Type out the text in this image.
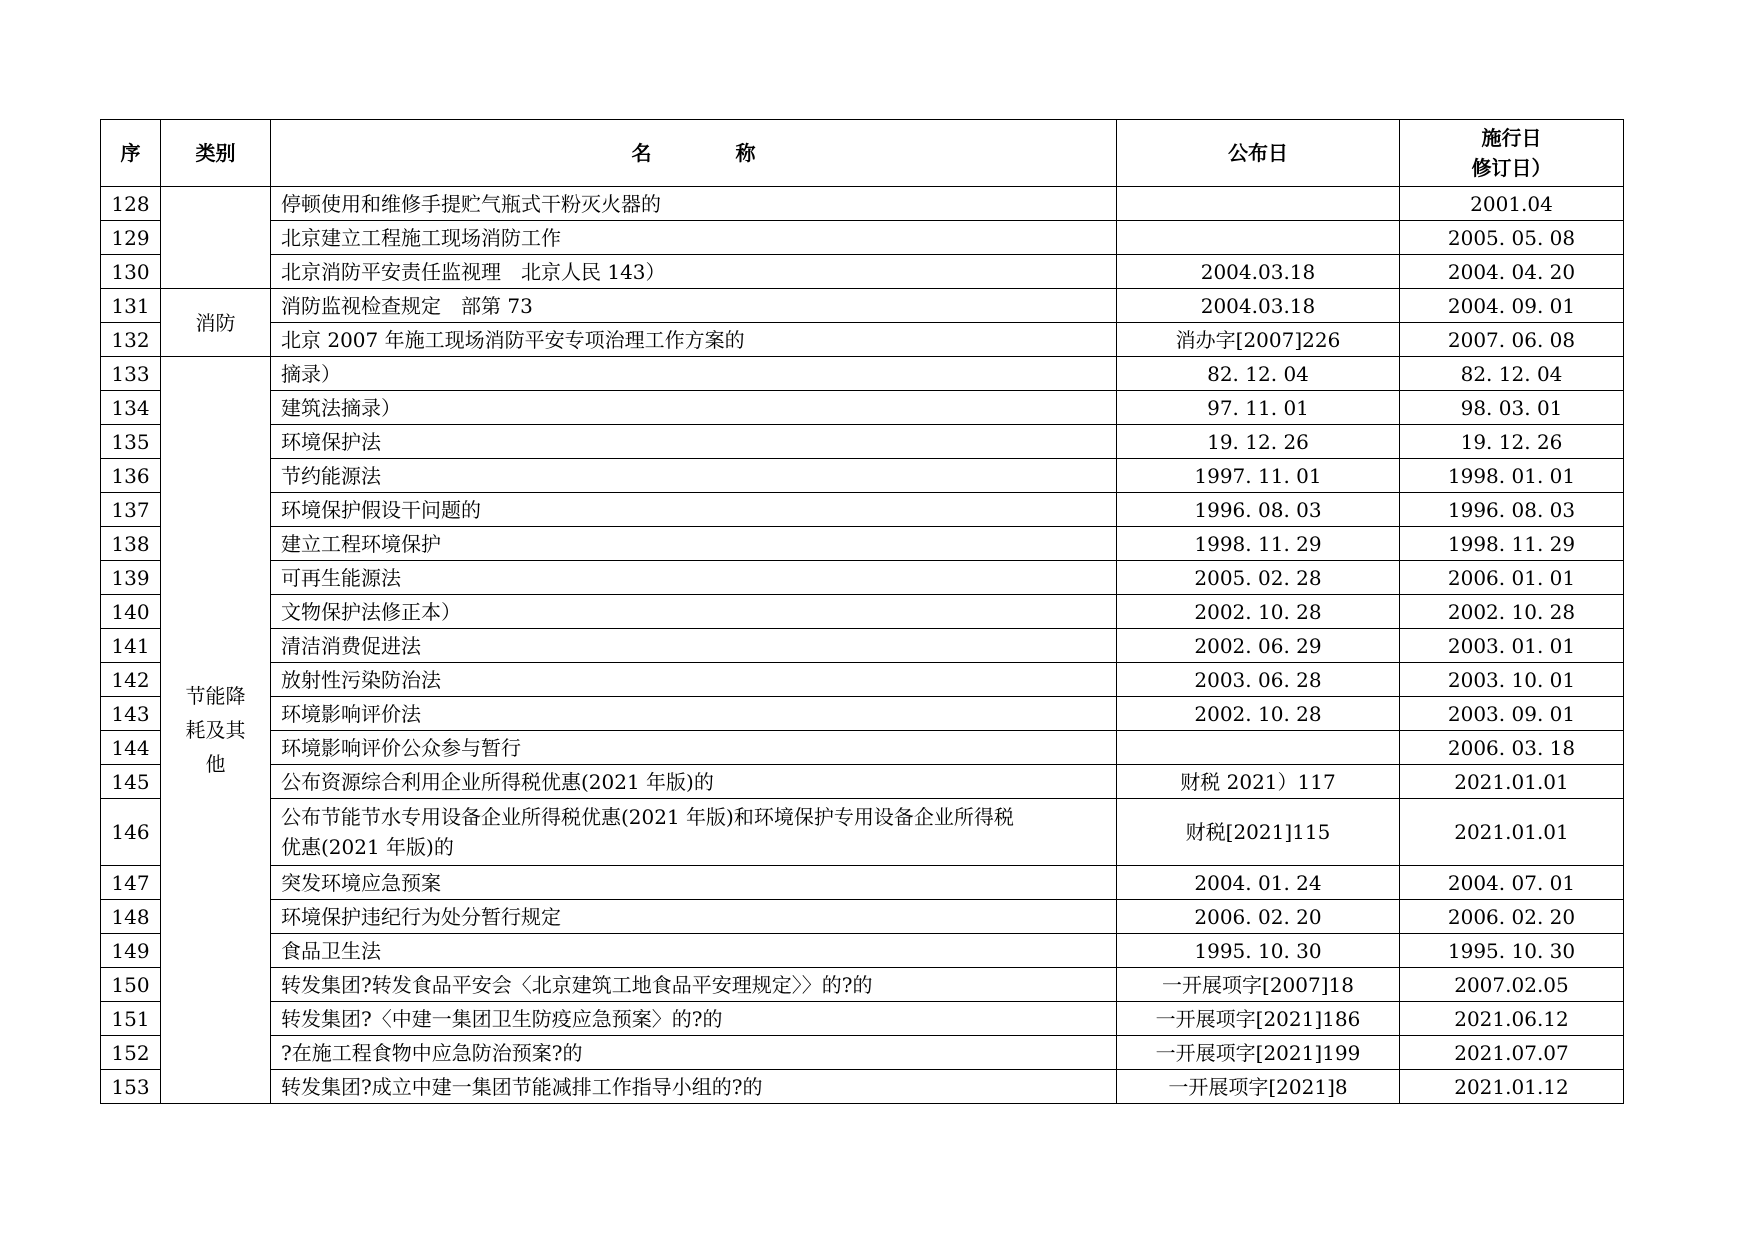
序	类别	名 称	公布日	施行日
修订日）

128		停顿使用和维修手提贮气瓶式干粉灭火器的		2001.04
129		北京建立工程施工现场消防工作		2005. 05. 08
130		北京消防平安责任监视理　北京人民 143）	2004.03.18	2004. 04. 20
131	消防	消防监视检查规定　部第 73	2004.03.18	2004. 09. 01
132		北京 2007 年施工现场消防平安专项治理工作方案的	消办字[2007]226	2007. 06. 08
133	节能降
耗及其
他	摘录）	82. 12. 04	82. 12. 04
134		建筑法摘录）	97. 11. 01	98. 03. 01
135		环境保护法	19. 12. 26	19. 12. 26
136		节约能源法	1997. 11. 01	1998. 01. 01
137		环境保护假设干问题的	1996. 08. 03	1996. 08. 03
138		建立工程环境保护	1998. 11. 29	1998. 11. 29
139		可再生能源法	2005. 02. 28	2006. 01. 01
140		文物保护法修正本）	2002. 10. 28	2002. 10. 28
141		清洁消费促进法	2002. 06. 29	2003. 01. 01
142		放射性污染防治法	2003. 06. 28	2003. 10. 01
143		环境影响评价法	2002. 10. 28	2003. 09. 01
144		环境影响评价公众参与暂行		2006. 03. 18
145		公布资源综合利用企业所得税优惠(2021 年版)的	财税 2021）117	2021.01.01
146		公布节能节水专用设备企业所得税优惠(2021 年版)和环境保护专用设备企业所得税
优惠(2021 年版)的	财税[2021]115	2021.01.01
147		突发环境应急预案	2004. 01. 24	2004. 07. 01
148		环境保护违纪行为处分暂行规定	2006. 02. 20	2006. 02. 20
149		食品卫生法	1995. 10. 30	1995. 10. 30
150		转发集团?转发食品平安会〈北京建筑工地食品平安理规定〉〉的?的	一开展项字[2007]18	2007.02.05
151		转发集团?〈中建一集团卫生防疫应急预案〉的?的	一开展项字[2021]186	2021.06.12
152		?在施工程食物中应急防治预案?的	一开展项字[2021]199	2021.07.07
153		转发集团?成立中建一集团节能减排工作指导小组的?的	一开展项字[2021]8	2021.01.12
